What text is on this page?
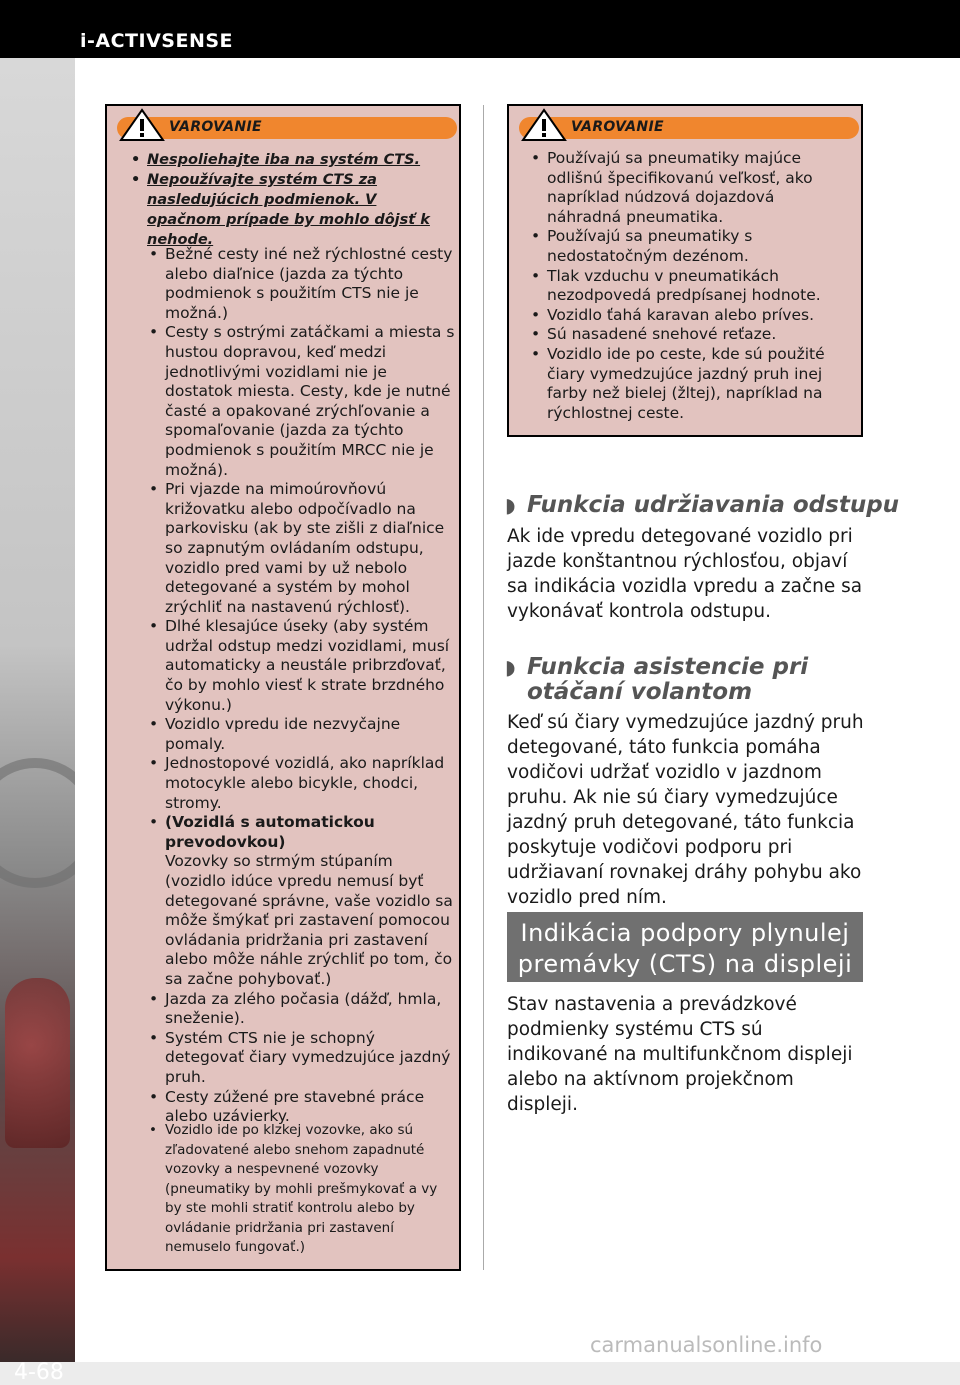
i-ACTIVSENSE
4-68
VAROVANIE
• Nespoliehajte iba na systém CTS.
• Nepoužívajte systém CTS za nasledujúcich podmienok. V opačnom prípade by mohlo dôjsť k nehode.
• Bežné cesty iné než rýchlostné cesty alebo diaľnice (jazda za týchto podmienok s použitím CTS nie je možná.)
• Cesty s ostrými zatáčkami a miesta s hustou dopravou, keď medzi jednotlivými vozidlami nie je dostatok miesta. Cesty, kde je nutné časté a opakované zrýchľovanie a spomaľovanie (jazda za týchto podmienok s použitím MRCC nie je možná).
• Pri vjazde na mimoúrovňovú križovatku alebo odpočívadlo na parkovisku (ak by ste zišli z diaľnice so zapnutým ovládaním odstupu, vozidlo pred vami by už nebolo detegované a systém by mohol zrýchliť na nastavenú rýchlosť).
• Dlhé klesajúce úseky (aby systém udržal odstup medzi vozidlami, musí automaticky a neustále pribrzďovať, čo by mohlo viesť k strate brzdného výkonu.)
• Vozidlo vpredu ide nezvyčajne pomaly.
• Jednostopové vozidlá, ako napríklad motocykle alebo bicykle, chodci, stromy.
• (Vozidlá s automatickou prevodovkou)
Vozovky so strmým stúpaním (vozidlo idúce vpredu nemusí byť detegované správne, vaše vozidlo sa môže šmýkať pri zastavení pomocou ovládania pridržania pri zastavení alebo môže náhle zrýchliť po tom, čo sa začne pohybovať.)
• Jazda za zlého počasia (dážď, hmla, sneženie).
• Systém CTS nie je schopný detegovať čiary vymedzujúce jazdný pruh.
• Cesty zúžené pre stavebné práce alebo uzávierky.
• Vozidlo ide po klzkej vozovke, ako sú zľadovatené alebo snehom zapadnuté vozovky a nespevnené vozovky (pneumatiky by mohli prešmykovať a vy by ste mohli stratiť kontrolu alebo by ovládanie pridržania pri zastavení nemuselo fungovať.)
VAROVANIE
• Používajú sa pneumatiky majúce odlišnú špecifikovanú veľkosť, ako napríklad núdzová dojazdová náhradná pneumatika.
• Používajú sa pneumatiky s nedostatočným dezénom.
• Tlak vzduchu v pneumatikách nezodpovedá predpísanej hodnote.
• Vozidlo ťahá karavan alebo príves.
• Sú nasadené snehové reťaze.
• Vozidlo ide po ceste, kde sú použité čiary vymedzujúce jazdný pruh inej farby než bielej (žltej), napríklad na rýchlostnej ceste.
◗ Funkcia udržiavania odstupu

Ak ide vpredu detegované vozidlo pri jazde konštantnou rýchlosťou, objaví sa indikácia vozidla vpredu a začne sa vykonávať kontrola odstupu.

◗ Funkcia asistencie pri
otáčaní volantom

Keď sú čiary vymedzujúce jazdný pruh detegované, táto funkcia pomáha vodičovi udržať vozidlo v jazdnom pruhu. Ak nie sú čiary vymedzujúce jazdný pruh detegované, táto funkcia poskytuje vodičovi podporu pri udržiavaní rovnakej dráhy pohybu ako vozidlo pred ním.

Indikácia podpory plynulej
premávky (CTS) na displeji

Stav nastavenia a prevádzkové podmienky systému CTS sú indikované na multifunkčnom displeji alebo na aktívnom projekčnom displeji.

carmanualsonline.info
